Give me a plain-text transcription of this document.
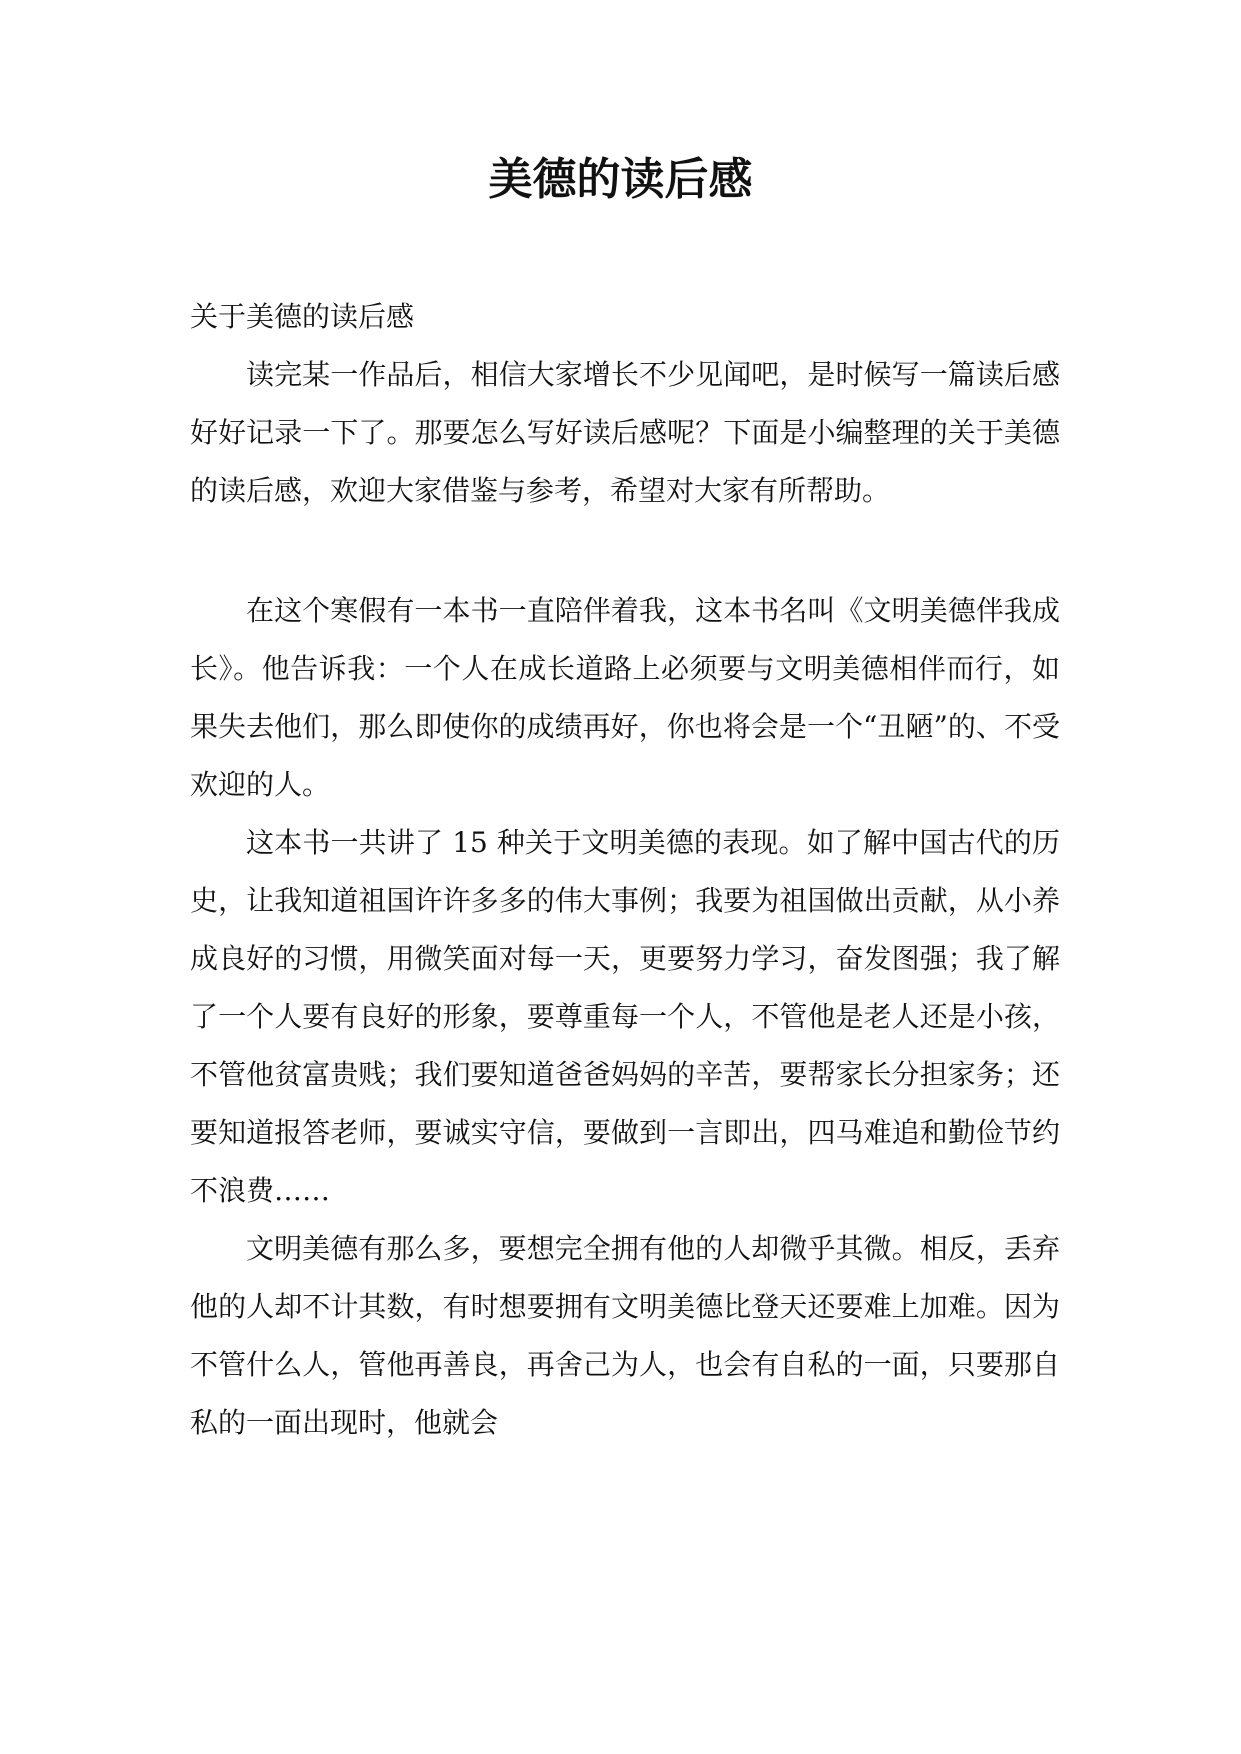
美德的读后感

关于美德的读后感

读完某一作品后，相信大家增长不少见闻吧，是时候写一篇读后感好好记录一下了。那要怎么写好读后感呢？下面是小编整理的关于美德的读后感，欢迎大家借鉴与参考，希望对大家有所帮助。

在这个寒假有一本书一直陪伴着我，这本书名叫《文明美德伴我成长》。他告诉我：一个人在成长道路上必须要与文明美德相伴而行，如果失去他们，那么即使你的成绩再好，你也将会是一个“丑陋”的、不受欢迎的人。

这本书一共讲了 15 种关于文明美德的表现。如了解中国古代的历史，让我知道祖国许许多多的伟大事例；我要为祖国做出贡献，从小养成良好的习惯，用微笑面对每一天，更要努力学习，奋发图强；我了解了一个人要有良好的形象，要尊重每一个人，不管他是老人还是小孩，不管他贫富贵贱；我们要知道爸爸妈妈的辛苦，要帮家长分担家务；还要知道报答老师，要诚实守信，要做到一言即出，四马难追和勤俭节约不浪费……

文明美德有那么多，要想完全拥有他的人却微乎其微。相反，丢弃他的人却不计其数，有时想要拥有文明美德比登天还要难上加难。因为不管什么人，管他再善良，再舍己为人，也会有自私的一面，只要那自私的一面出现时，他就会
